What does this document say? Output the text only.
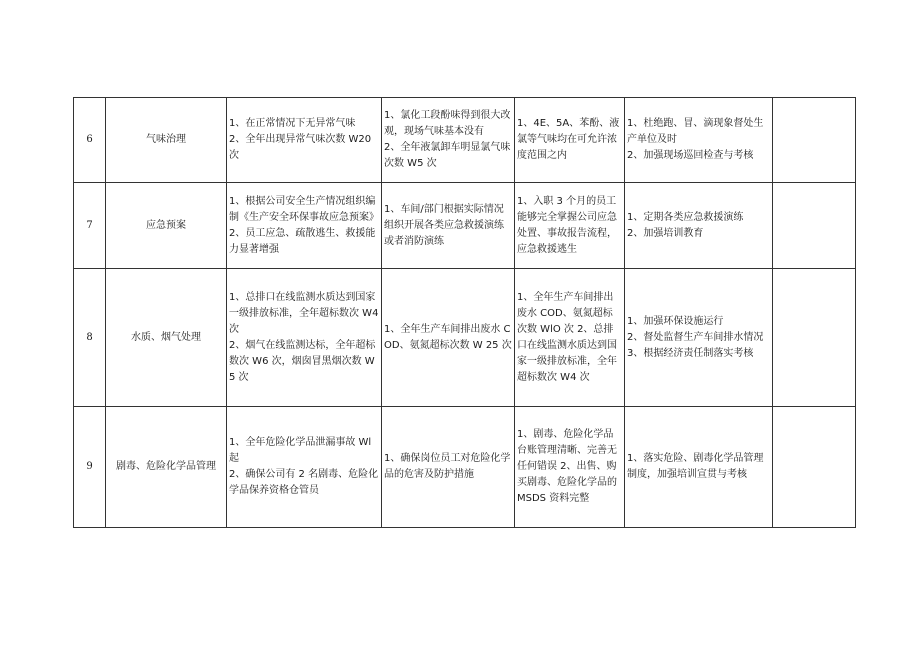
6	气味治理	1、在正常情况下无异常气味
2、全年出现异常气味次数 W20次	1、氯化工段酚味得到很大改观，现场气味基本没有
2、全年液氯卸车明显氯气味次数 W5 次	1、4E、5A、苯酚、液氯等气味均在可允许浓度范围之内	1、杜绝跑、冒、滴现象督处生产单位及时
2、加强现场巡回检查与考核	

7	应急预案	1、根据公司安全生产情况组织编制《生产安全环保事故应急预案》
2、员工应急、疏散逃生、救援能力显著增强	1、车间/部门根据实际情况组织开展各类应急救援演练或者消防演练	1、入职 3 个月的员工能够完全掌握公司应急处置、事故报告流程，应急救援逃生	1、定期各类应急救援演练
2、加强培训教育	

8	水质、烟气处理	1、总排口在线监测水质达到国家一级排放标准，全年超标数次 W4 次
2、烟气在线监测达标，全年超标数次 W6 次，烟囱冒黑烟次数 W5 次	1、全年生产车间排出废水 COD、氨氮超标次数 W 25 次	1、全年生产车间排出废水 COD、氨氮超标次数 WlO 次 2、总排口在线监测水质达到国家一级排放标准，全年超标数次 W4 次	1、加强环保设施运行
2、督处监督生产车间排水情况
3、根据经济责任制落实考核	

9	剧毒、危险化学品管理	1、全年危险化学品泄漏事故 Wl 起
2、确保公司有 2 名剧毒、危险化学品保养资格仓管员	1、确保岗位员工对危险化学品的危害及防护措施	1、剧毒、危险化学品台账管理清晰、完善无任何错误 2、出售、购买剧毒、危险化学品的 MSDS 资料完整	1、落实危险、剧毒化学品管理制度，加强培训宣贯与考核	
